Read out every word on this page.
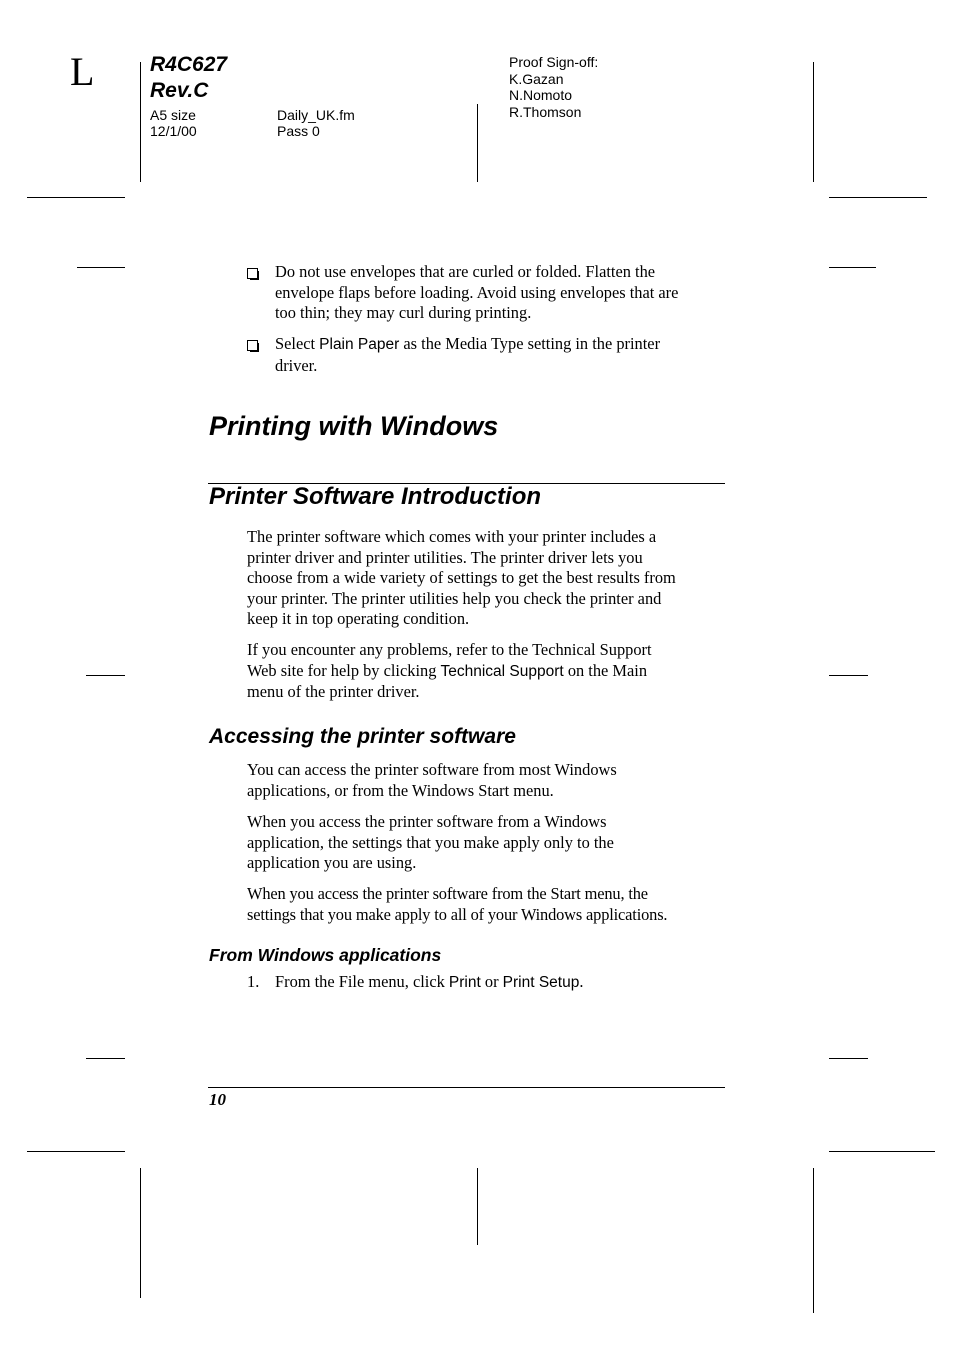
L	R4C627
Rev.C
A5 size
12/1/00
Daily_UK.fm
Pass 0
Proof Sign-off:
K.Gazan
N.Nomoto
R.Thomson
Do not use envelopes that are curled or folded. Flatten the
envelope flaps before loading. Avoid using envelopes that are
too thin; they may curl during printing.
Select Plain Paper as the Media Type setting in the printer
driver.
Printing with Windows
Printer Software Introduction
The printer software which comes with your printer includes a
printer driver and printer utilities. The printer driver lets you
choose from a wide variety of settings to get the best results from
your printer. The printer utilities help you check the printer and
keep it in top operating condition.
If you encounter any problems, refer to the Technical Support
Web site for help by clicking Technical Support on the Main
menu of the printer driver.
Accessing the printer software
You can access the printer software from most Windows
applications, or from the Windows Start menu.
When you access the printer software from a Windows
application, the settings that you make apply only to the
application you are using.
When you access the printer software from the Start menu, the
settings that you make apply to all of your Windows applications.
From Windows applications
1. From the File menu, click Print or Print Setup.
10
